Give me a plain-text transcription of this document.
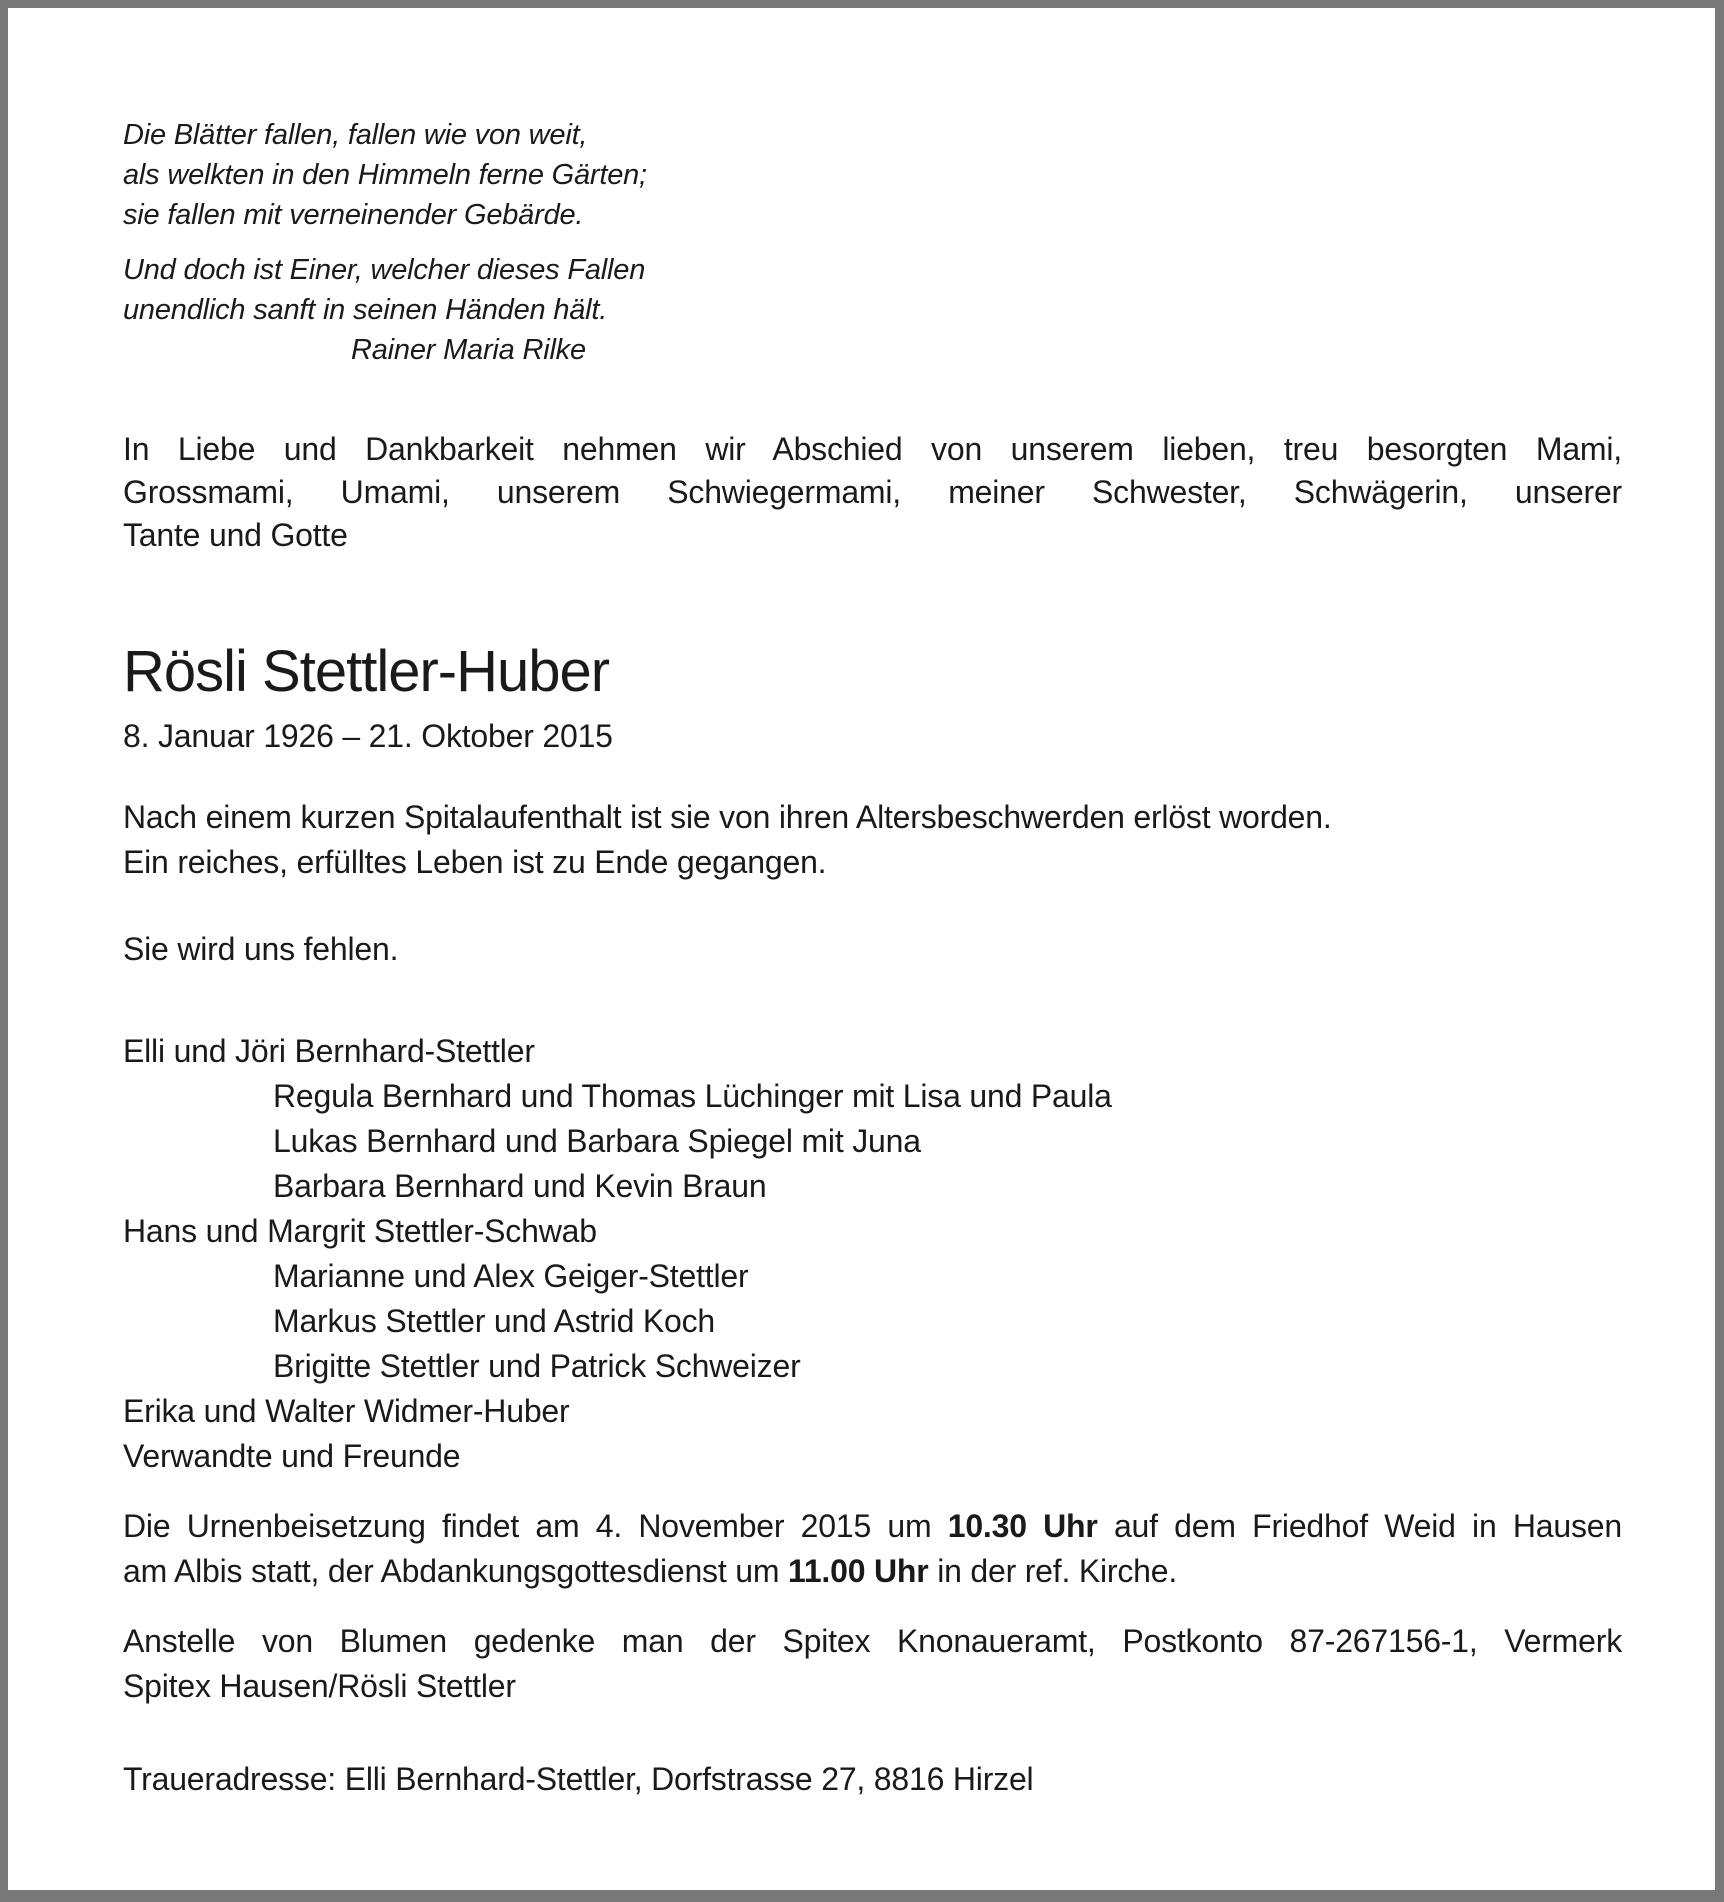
Die Blätter fallen, fallen wie von weit,
als welkten in den Himmeln ferne Gärten;
sie fallen mit verneinender Gebärde.
Und doch ist Einer, welcher dieses Fallen
unendlich sanft in seinen Händen hält.
Rainer Maria Rilke
In Liebe und Dankbarkeit nehmen wir Abschied von unserem lieben, treu besorgten Mami,
Grossmami, Umami, unserem Schwiegermami, meiner Schwester, Schwägerin, unserer
Tante und Gotte
Rösli Stettler-Huber
8. Januar 1926 – 21. Oktober 2015
Nach einem kurzen Spitalaufenthalt ist sie von ihren Altersbeschwerden erlöst worden.
Ein reiches, erfülltes Leben ist zu Ende gegangen.
Sie wird uns fehlen.
Elli und Jöri Bernhard-Stettler
Regula Bernhard und Thomas Lüchinger mit Lisa und Paula
Lukas Bernhard und Barbara Spiegel mit Juna
Barbara Bernhard und Kevin Braun
Hans und Margrit Stettler-Schwab
Marianne und Alex Geiger-Stettler
Markus Stettler und Astrid Koch
Brigitte Stettler und Patrick Schweizer
Erika und Walter Widmer-Huber
Verwandte und Freunde
Die Urnenbeisetzung findet am 4. November 2015 um 10.30 Uhr auf dem Friedhof Weid in Hausen
am Albis statt, der Abdankungsgottesdienst um 11.00 Uhr in der ref. Kirche.
Anstelle von Blumen gedenke man der Spitex Knonaueramt, Postkonto 87-267156-1, Vermerk
Spitex Hausen/Rösli Stettler
Traueradresse: Elli Bernhard-Stettler, Dorfstrasse 27, 8816 Hirzel
